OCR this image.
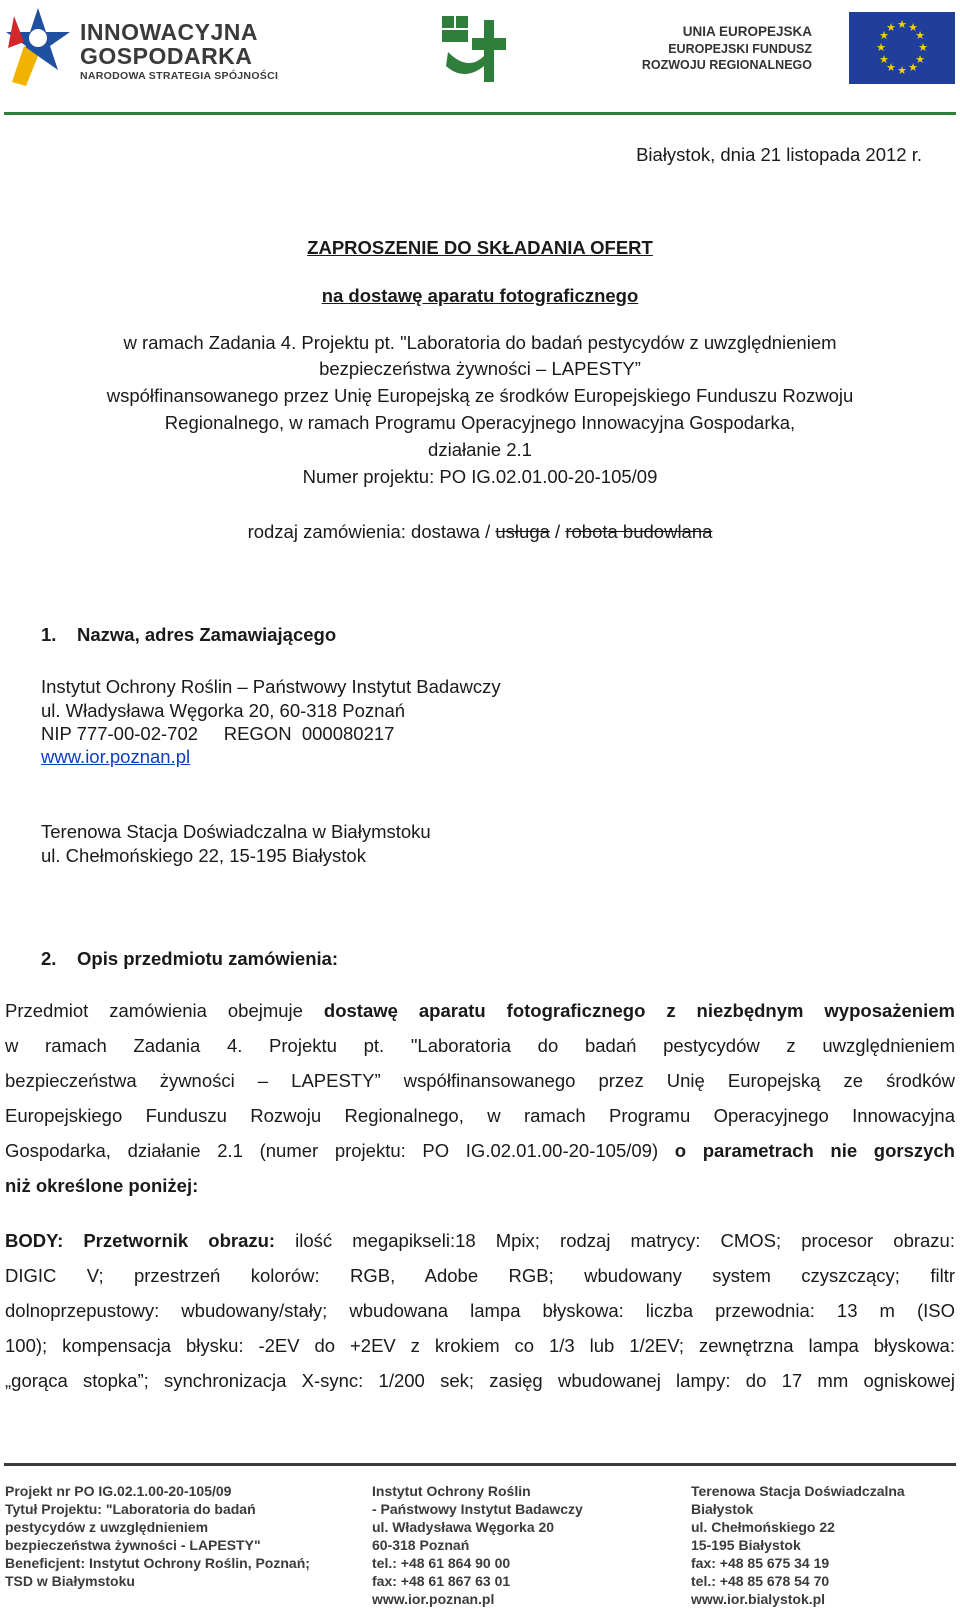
INNOWACYJNA
GOSPODARKA
NARODOWA STRATEGIA SPÓJNOŚCI
UNIA EUROPEJSKA
EUROPEJSKI FUNDUSZ
ROZWOJU REGIONALNEGO
★ ★
★
★
★
★
★
★
★
★
★
★
Białystok, dnia 21 listopada 2012 r.
ZAPROSZENIE DO SKŁADANIA OFERT
na dostawę aparatu fotograficznego
w ramach Zadania 4. Projektu pt. "Laboratoria do badań pestycydów z uwzględnieniem
bezpieczeństwa żywności – LAPESTY”
współfinansowanego przez Unię Europejską ze środków Europejskiego Funduszu Rozwoju
Regionalnego, w ramach Programu Operacyjnego Innowacyjna Gospodarka,
działanie 2.1
Numer projektu: PO IG.02.01.00-20-105/09
rodzaj zamówienia: dostawa / usługa / robota budowlana
1. Nazwa, adres Zamawiającego
Instytut Ochrony Roślin – Państwowy Instytut Badawczy
ul. Władysława Węgorka 20, 60-318 Poznań
NIP 777-00-02-702     REGON  000080217
www.ior.poznan.pl
Terenowa Stacja Doświadczalna w Białymstoku
ul. Chełmońskiego 22, 15-195 Białystok
2. Opis przedmiotu zamówienia:
Przedmiot zamówienia obejmuje dostawę aparatu fotograficznego z niezbędnym wyposażeniem
w ramach Zadania 4. Projektu pt. "Laboratoria do badań pestycydów z uwzględnieniem
bezpieczeństwa żywności – LAPESTY” współfinansowanego przez Unię Europejską ze środków
Europejskiego Funduszu Rozwoju Regionalnego, w ramach Programu Operacyjnego Innowacyjna
Gospodarka, działanie 2.1 (numer projektu: PO IG.02.01.00-20-105/09) o parametrach nie gorszych
niż określone poniżej:
BODY: Przetwornik obrazu: ilość megapikseli:18 Mpix; rodzaj matrycy: CMOS; procesor obrazu:
DIGIC V; przestrzeń kolorów: RGB, Adobe RGB; wbudowany system czyszczący; filtr
dolnoprzepustowy: wbudowany/stały; wbudowana lampa błyskowa: liczba przewodnia: 13 m (ISO
100); kompensacja błysku: -2EV do +2EV z krokiem co 1/3 lub 1/2EV; zewnętrzna lampa błyskowa:
„gorąca stopka”; synchronizacja X-sync: 1/200 sek; zasięg wbudowanej lampy: do 17 mm ogniskowej
Projekt nr PO IG.02.1.00-20-105/09
Tytuł Projektu: "Laboratoria do badań
pestycydów z uwzględnieniem
bezpieczeństwa żywności - LAPESTY"
Beneficjent: Instytut Ochrony Roślin, Poznań;
TSD w Białymstoku
Instytut Ochrony Roślin
- Państwowy Instytut Badawczy
ul. Władysława Węgorka 20
60-318 Poznań
tel.: +48 61 864 90 00
fax: +48 61 867 63 01
www.ior.poznan.pl
Terenowa Stacja Doświadczalna
Białystok
ul. Chełmońskiego 22
15-195 Białystok
fax: +48 85 675 34 19
tel.: +48 85 678 54 70
www.ior.bialystok.pl
